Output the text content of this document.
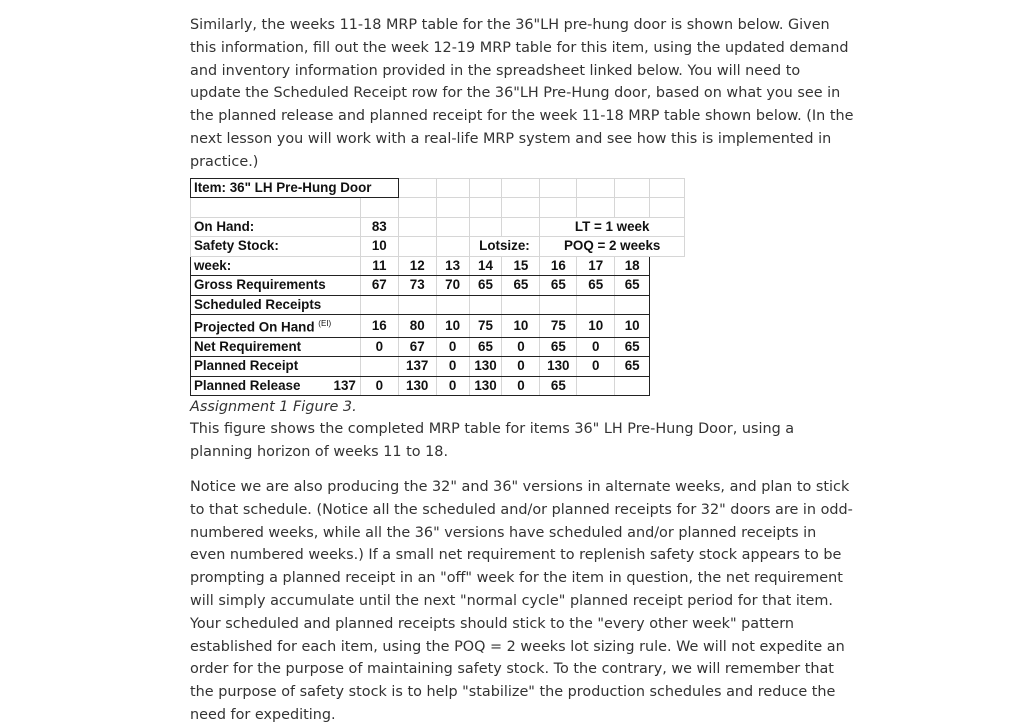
Similarly, the weeks 11-18 MRP table for the 36"LH pre-hung door is shown below. Given this information, fill out the week 12-19 MRP table for this item, using the updated demand and inventory information provided in the spreadsheet linked below. You will need to update the Scheduled Receipt row for the 36"LH Pre-Hung door, based on what you see in the planned release and planned receipt for the week 11-18 MRP table shown below. (In the next lesson you will work with a real-life MRP system and see how this is implemented in practice.)

Item: 36" LH Pre-Hung Door									

On Hand:	83					LT = 1 week			
Safety Stock:	10			Lotsize:		POQ = 2 weeks			
week:	11	12	13	14	15	16	17	18	
Gross Requirements	67	73	70	65	65	65	65	65	
Scheduled Receipts									
Projected On Hand $^{(EI)}$	16	80	10	75	10	75	10	10	
Net Requirement	0	67	0	65	0	65	0	65	
Planned Receipt		137	0	130	0	130	0	65	
Planned Release 137	0	130	0	130	0	65			

Assignment 1 Figure 3.

This figure shows the completed MRP table for items 36" LH Pre-Hung Door, using a planning horizon of weeks 11 to 18.

Notice we are also producing the 32" and 36" versions in alternate weeks, and plan to stick to that schedule. (Notice all the scheduled and/or planned receipts for 32" doors are in odd-numbered weeks, while all the 36" versions have scheduled and/or planned receipts in even numbered weeks.) If a small net requirement to replenish safety stock appears to be prompting a planned receipt in an "off" week for the item in question, the net requirement will simply accumulate until the next "normal cycle" planned receipt period for that item. Your scheduled and planned receipts should stick to the "every other week" pattern established for each item, using the POQ = 2 weeks lot sizing rule. We will not expedite an order for the purpose of maintaining safety stock. To the contrary, we will remember that the purpose of safety stock is to help "stabilize" the production schedules and reduce the need for expediting.
